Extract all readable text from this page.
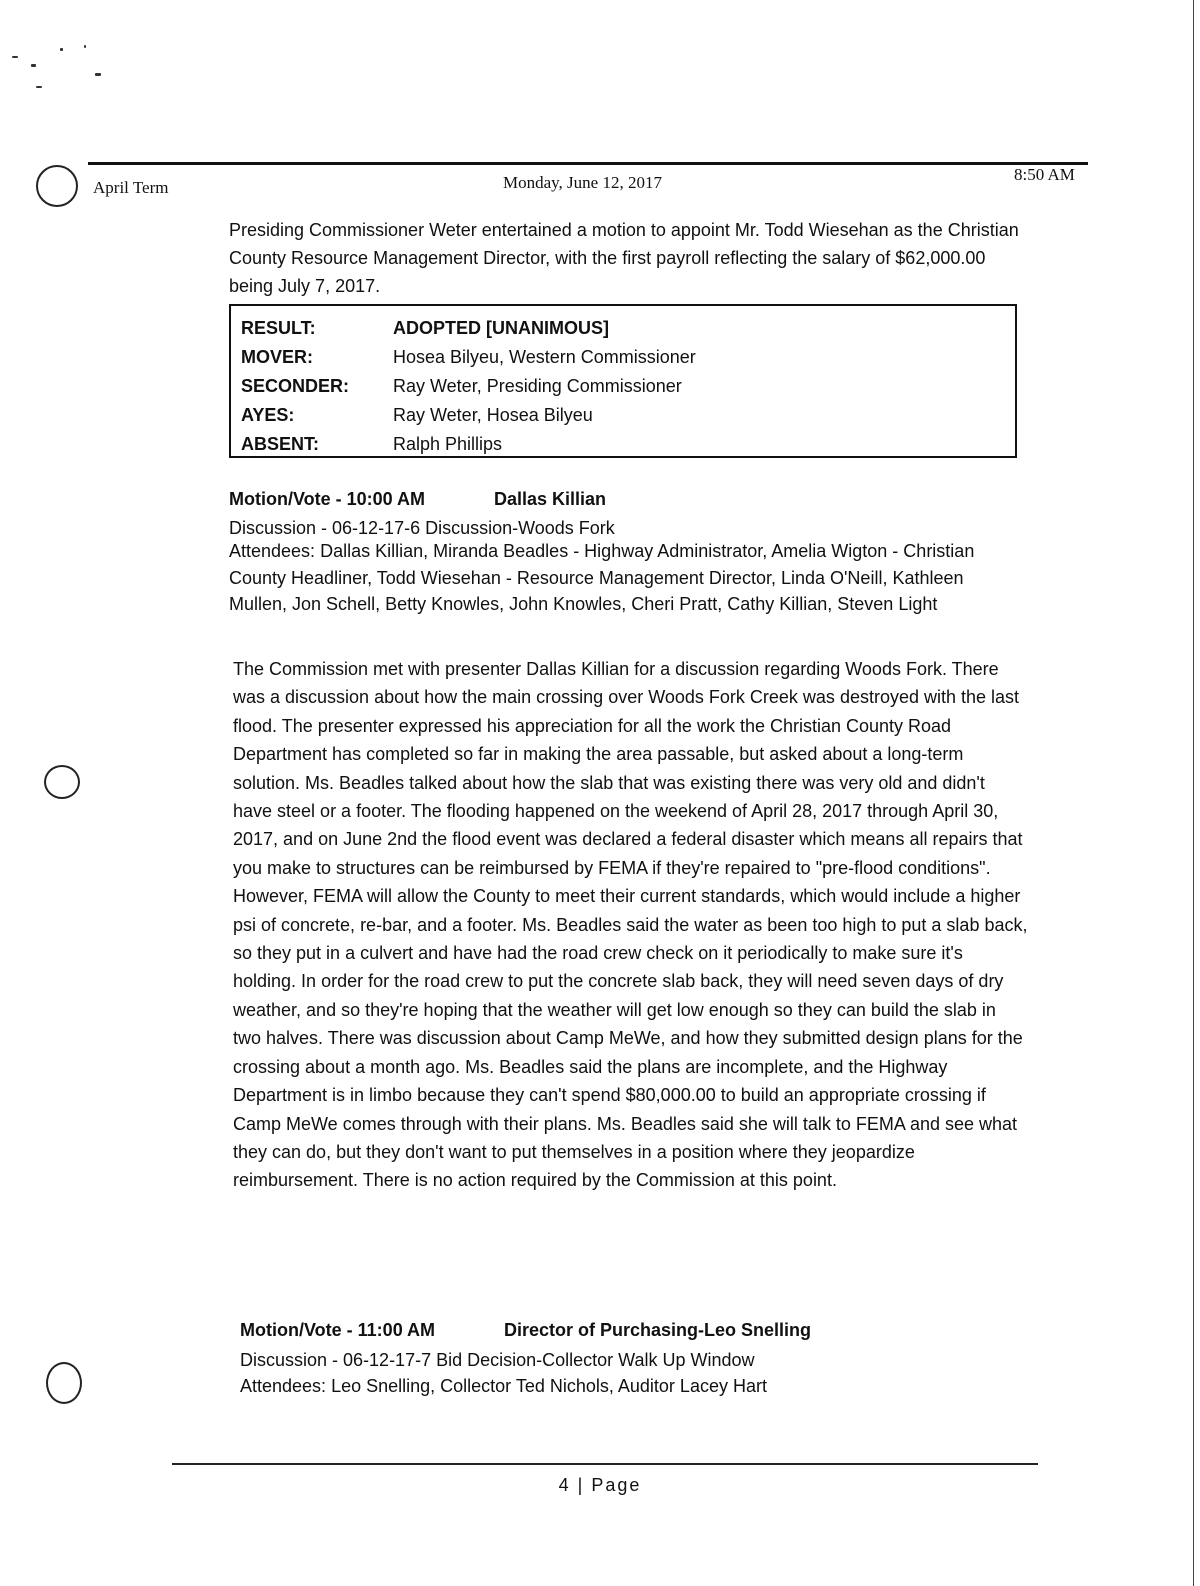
April Term	Monday, June 12, 2017	8:50 AM
Presiding Commissioner Weter entertained a motion to appoint Mr. Todd Wiesehan as the Christian County Resource Management Director, with the first payroll reflecting the salary of $62,000.00 being July 7, 2017.
RESULT:	ADOPTED [UNANIMOUS]
MOVER:	Hosea Bilyeu, Western Commissioner
SECONDER:	Ray Weter, Presiding Commissioner
AYES:	Ray Weter, Hosea Bilyeu
ABSENT:	Ralph Phillips
Motion/Vote - 10:00 AM	Dallas Killian
Discussion - 06-12-17-6 Discussion-Woods Fork
Attendees: Dallas Killian, Miranda Beadles - Highway Administrator, Amelia Wigton - Christian County Headliner, Todd Wiesehan - Resource Management Director, Linda O'Neill, Kathleen Mullen, Jon Schell, Betty Knowles, John Knowles, Cheri Pratt, Cathy Killian, Steven Light
The Commission met with presenter Dallas Killian for a discussion regarding Woods Fork. There was a discussion about how the main crossing over Woods Fork Creek was destroyed with the last flood. The presenter expressed his appreciation for all the work the Christian County Road Department has completed so far in making the area passable, but asked about a long-term solution. Ms. Beadles talked about how the slab that was existing there was very old and didn't have steel or a footer. The flooding happened on the weekend of April 28, 2017 through April 30, 2017, and on June 2nd the flood event was declared a federal disaster which means all repairs that you make to structures can be reimbursed by FEMA if they're repaired to "pre-flood conditions". However, FEMA will allow the County to meet their current standards, which would include a higher psi of concrete, re-bar, and a footer. Ms. Beadles said the water as been too high to put a slab back, so they put in a culvert and have had the road crew check on it periodically to make sure it's holding. In order for the road crew to put the concrete slab back, they will need seven days of dry weather, and so they're hoping that the weather will get low enough so they can build the slab in two halves. There was discussion about Camp MeWe, and how they submitted design plans for the crossing about a month ago. Ms. Beadles said the plans are incomplete, and the Highway Department is in limbo because they can't spend $80,000.00 to build an appropriate crossing if Camp MeWe comes through with their plans. Ms. Beadles said she will talk to FEMA and see what they can do, but they don't want to put themselves in a position where they jeopardize reimbursement. There is no action required by the Commission at this point.
Motion/Vote - 11:00 AM	Director of Purchasing-Leo Snelling
Discussion - 06-12-17-7 Bid Decision-Collector Walk Up Window
Attendees: Leo Snelling, Collector Ted Nichols, Auditor Lacey Hart
4 | Page
